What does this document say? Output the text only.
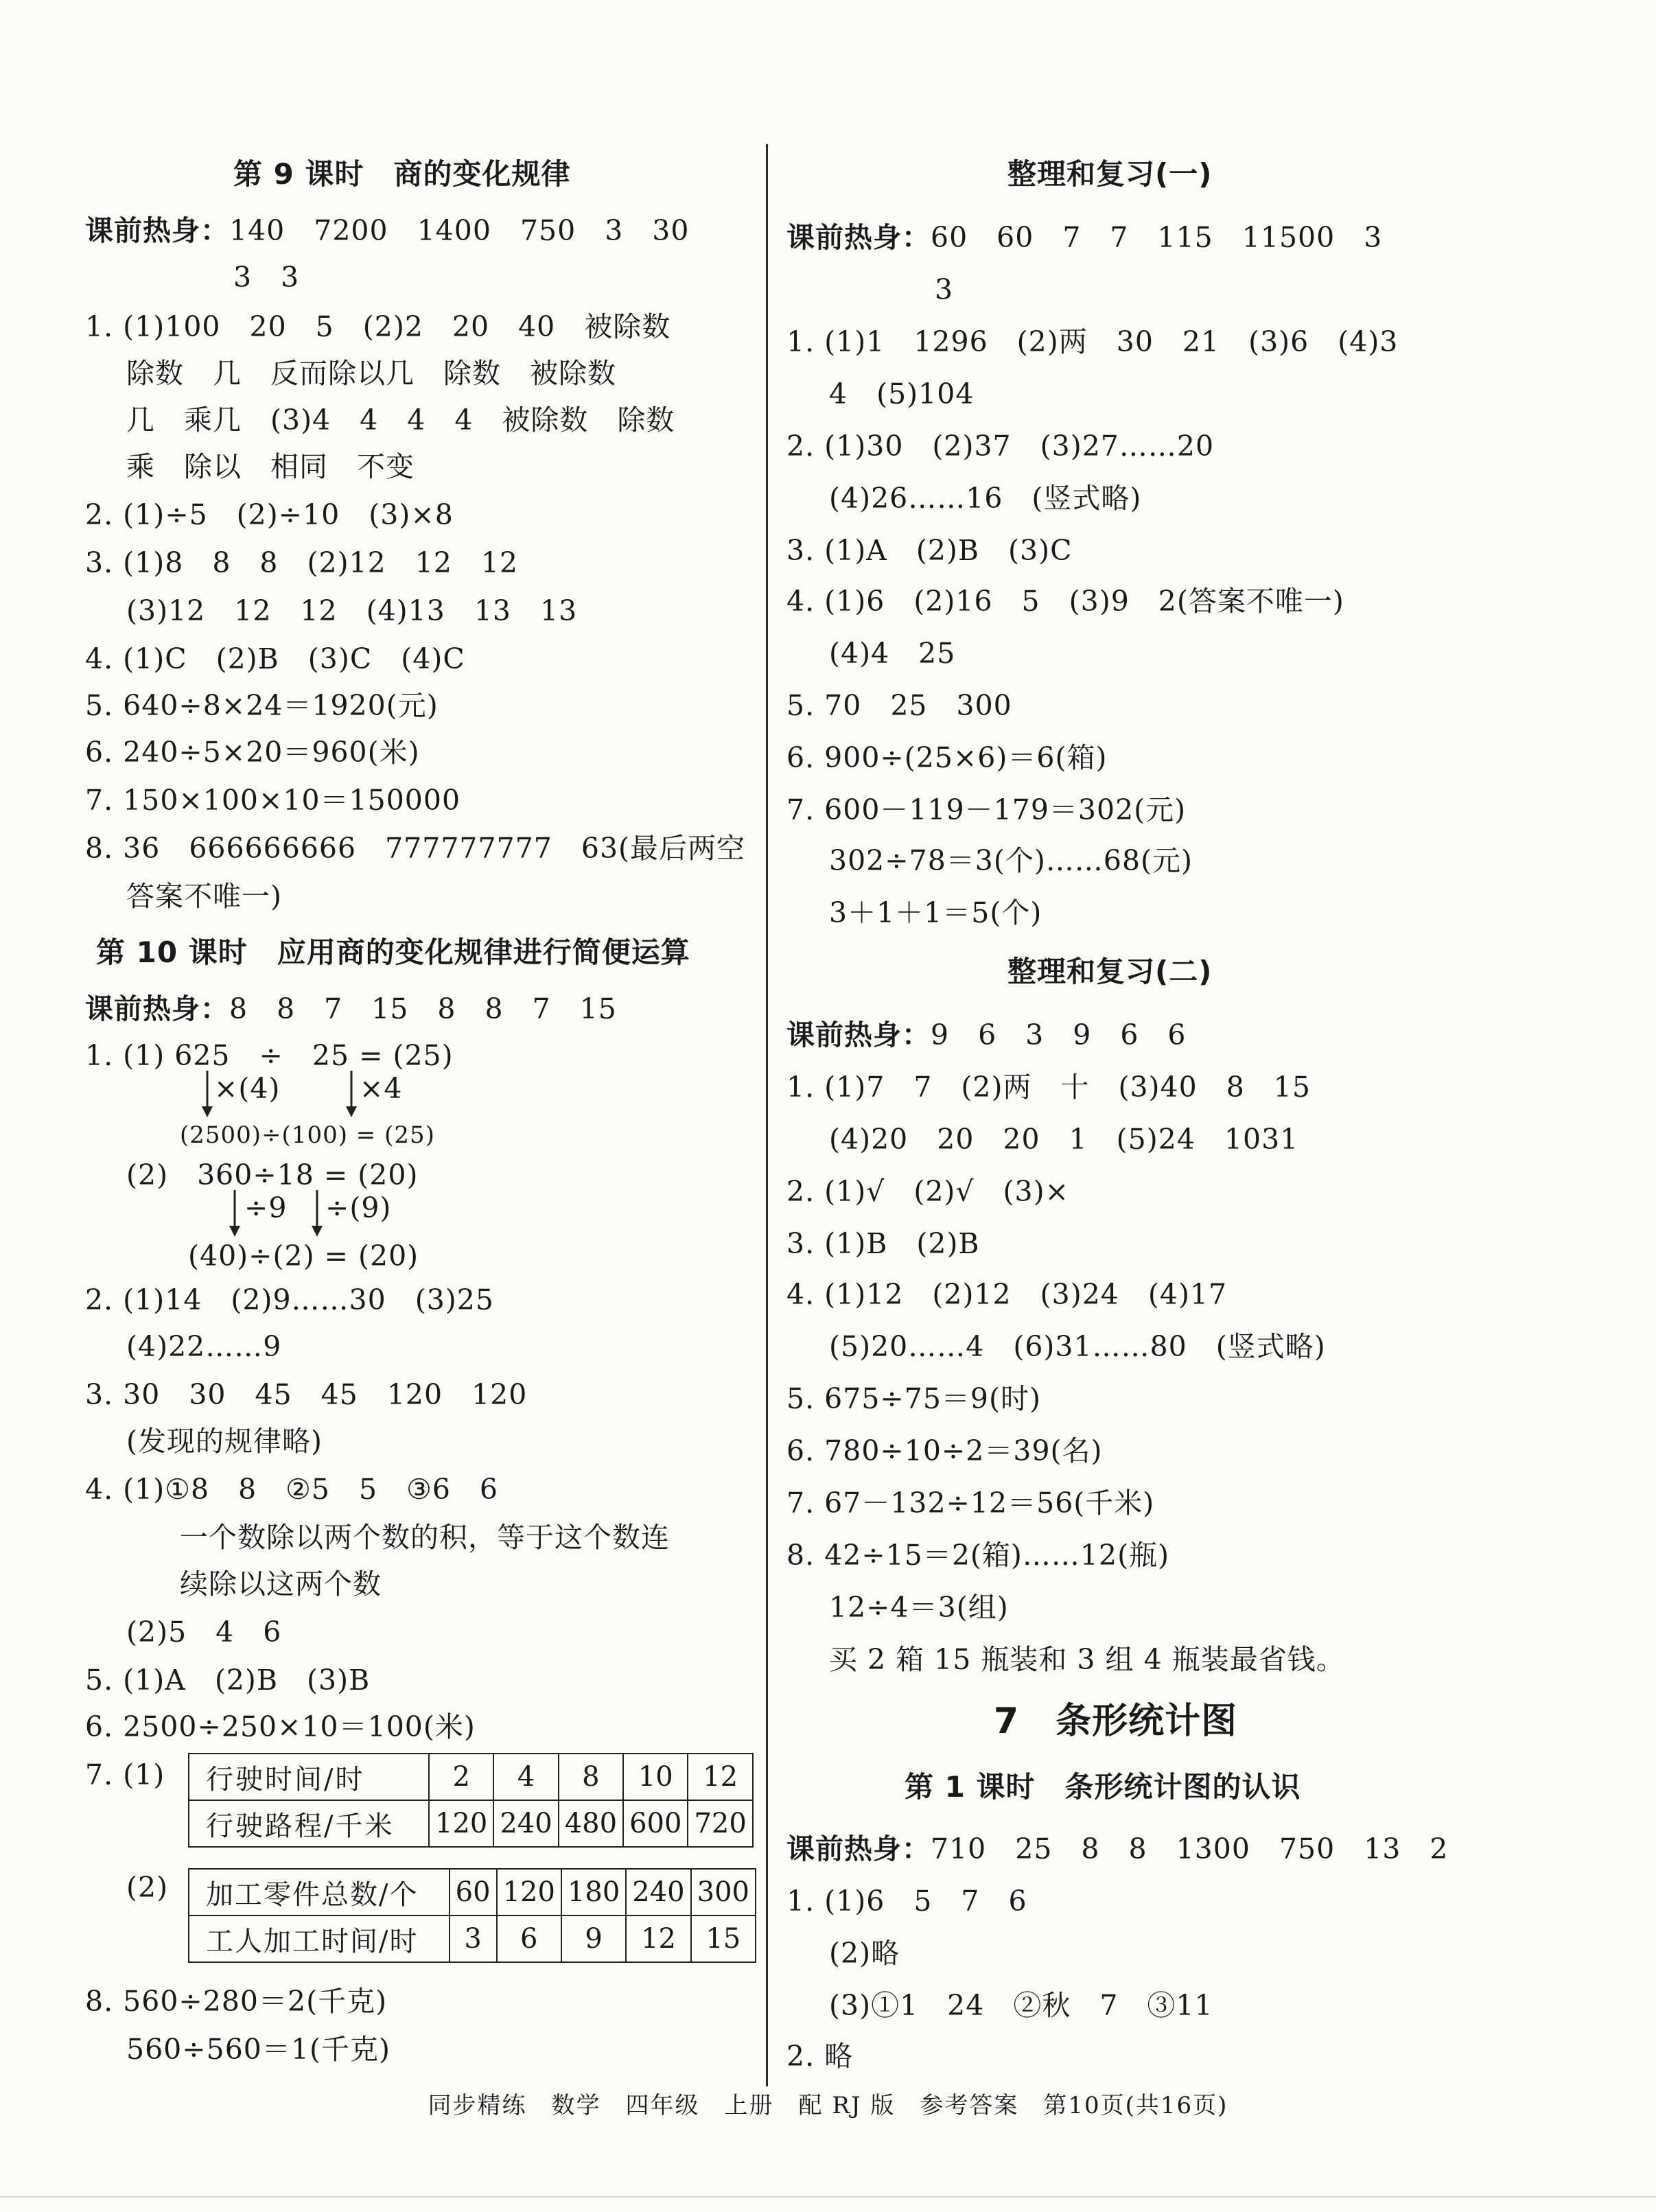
第 9 课时　商的变化规律
课前热身：140　7200　1400　750　3　30
3　3
1. (1)100　20　5　(2)2　20　40　被除数
除数　几　反而除以几　除数　被除数
几　乘几　(3)4　4　4　4　被除数　除数
乘　除以　相同　不变
2. (1)÷5　(2)÷10　(3)×8
3. (1)8　8　8　(2)12　12　12
(3)12　12　12　(4)13　13　13
4. (1)C　(2)B　(3)C　(4)C
5. 640÷8×24＝1920(元)
6. 240÷5×20＝960(米)
7. 150×100×10＝150000
8. 36　666666666　777777777　63(最后两空
答案不唯一)
第 10 课时　应用商的变化规律进行简便运算
课前热身：8　8　7　15　8　8　7　15
1. (1) 625　÷　25 = (25)
×(4)	×4
(2500)÷(100) = (25)
(2)　360÷18 = (20)
÷9 ÷(9)
(40)÷(2) = (20)
2. (1)14　(2)9……30　(3)25
(4)22……9
3. 30　30　45　45　120　120
(发现的规律略)
4. (1)①8　8　②5　5　③6　6
一个数除以两个数的积，等于这个数连
续除以这两个数
(2)5　4　6
5. (1)A　(2)B　(3)B
6. 2500÷250×10＝100(米)
7. (1) 行驶时间/时	2	4	8	10	12
行驶路程/千米	120	240	480	600	720
(2) 加工零件总数/个	60	120	180	240	300
工人加工时间/时	3	6	9	12	15
8. 560÷280＝2(千克)
560÷560＝1(千克)
整理和复习(一)
课前热身：60　60　7　7　115　11500　3
3
1. (1)1　1296　(2)两　30　21　(3)6　(4)3
4　(5)104
2. (1)30　(2)37　(3)27……20
(4)26……16　(竖式略)
3. (1)A　(2)B　(3)C
4. (1)6　(2)16　5　(3)9　2(答案不唯一)
(4)4　25
5. 70　25　300
6. 900÷(25×6)＝6(箱)
7. 600－119－179＝302(元)
302÷78＝3(个)……68(元)
3＋1＋1＝5(个)
整理和复习(二)
课前热身：9　6　3　9　6　6
1. (1)7　7　(2)两　十　(3)40　8　15
(4)20　20　20　1　(5)24　1031
2. (1)√　(2)√　(3)×
3. (1)B　(2)B
4. (1)12　(2)12　(3)24　(4)17
(5)20……4　(6)31……80　(竖式略)
5. 675÷75＝9(时)
6. 780÷10÷2＝39(名)
7. 67－132÷12＝56(千米)
8. 42÷15＝2(箱)……12(瓶)
12÷4＝3(组)
买 2 箱 15 瓶装和 3 组 4 瓶装最省钱。
7　条形统计图
第 1 课时　条形统计图的认识
课前热身：710　25　8　8　1300　750　13　2
1. (1)6　5　7　6
(2)略
(3)①1　24　②秋　7　③11
2. 略
同步精练　数学　四年级　上册　配 RJ 版　参考答案　第10页(共16页)
